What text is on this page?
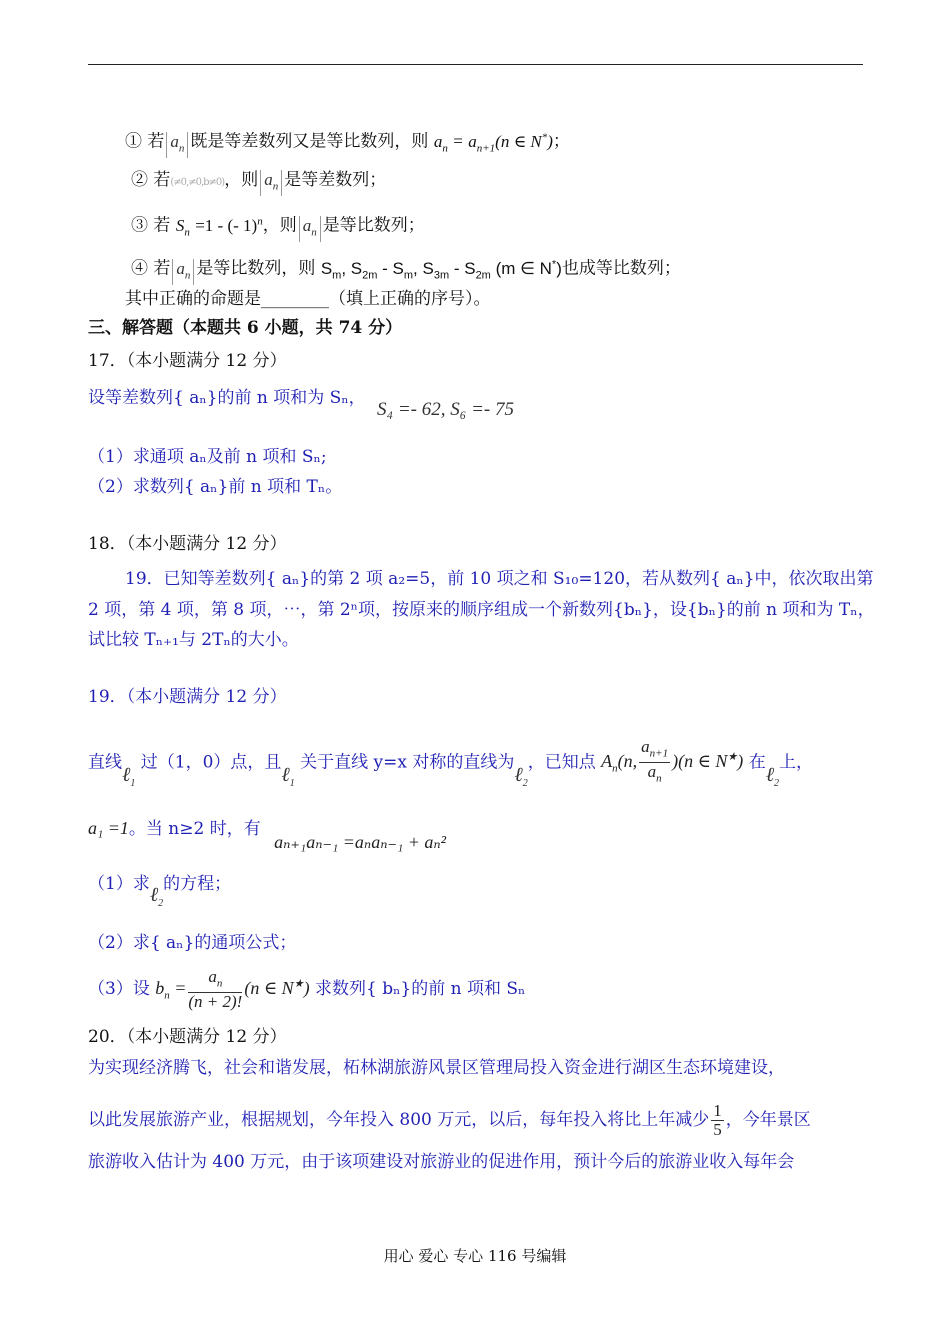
① 若 $a_n$ 既是等差数列又是等比数列，则 $a_n = a_{n+1}(n$ ∈ N*)；
② 若(≠0,≠0,b≠0)，则 $a_n$ 是等差数列；
③ 若 $S_n =1$ - (- 1)$^n$，则 $a_n$ 是等比数列；
④ 若 $a_n$ 是等比数列，则 $S_m$, $S_{2m} - S_m$, $S_{3m} - S_{2m}$ (m ∈ N*)也成等比数列；
其中正确的命题是________（填上正确的序号）。
三、解答题（本题共 6 小题，共 74 分）
17．（本小题满分 12 分）
设等差数列{ aₙ}的前 n 项和为 Sₙ，
S₄ =- 62, S₆ =- 75
（1）求通项 aₙ及前 n 项和 Sₙ;
（2）求数列{ aₙ}前 n 项和 Tₙ。
18．（本小题满分 12 分）
19．已知等差数列{ aₙ}的第 2 项 a₂=5，前 10 项之和 S₁₀=120，若从数列{ aₙ}中，依次取出第
2 项，第 4 项，第 8 项，⋯，第 2ⁿ项，按原来的顺序组成一个新数列{bₙ}，设{bₙ}的前 n 项和为 Tₙ，
试比较 Tₙ₊₁与 2Tₙ的大小。
19．（本小题满分 12 分）
直线ℓ$_1$ 过（1，0）点，且ℓ$_1$ 关于直线 y=x 对称的直线为ℓ$_2$，已知点 $A_n(n$, $\frac{a_{n+1}}{a_n} )(n$ ∈ N★) 在ℓ$_2$上，
a₁ =1。当 n≥2 时，有 aₙ₊₁aₙ₋₁ =aₙaₙ₋₁ + aₙ²
（1）求ℓ$_2$的方程；
（2）求{ aₙ}的通项公式；
（3）设 $b_n = \frac{a_n}{(n + 2)!} (n$ ∈ N★) 求数列{ bₙ}的前 n 项和 Sₙ
20．（本小题满分 12 分）
为实现经济腾飞，社会和谐发展，柘林湖旅游风景区管理局投入资金进行湖区生态环境建设，
以此发展旅游产业，根据规划，今年投入 800 万元，以后，每年投入将比上年减少 $\frac{1}{5}$ ，今年景区
旅游收入估计为 400 万元，由于该项建设对旅游业的促进作用，预计今后的旅游业收入每年会
用心 爱心 专心 116 号编辑
